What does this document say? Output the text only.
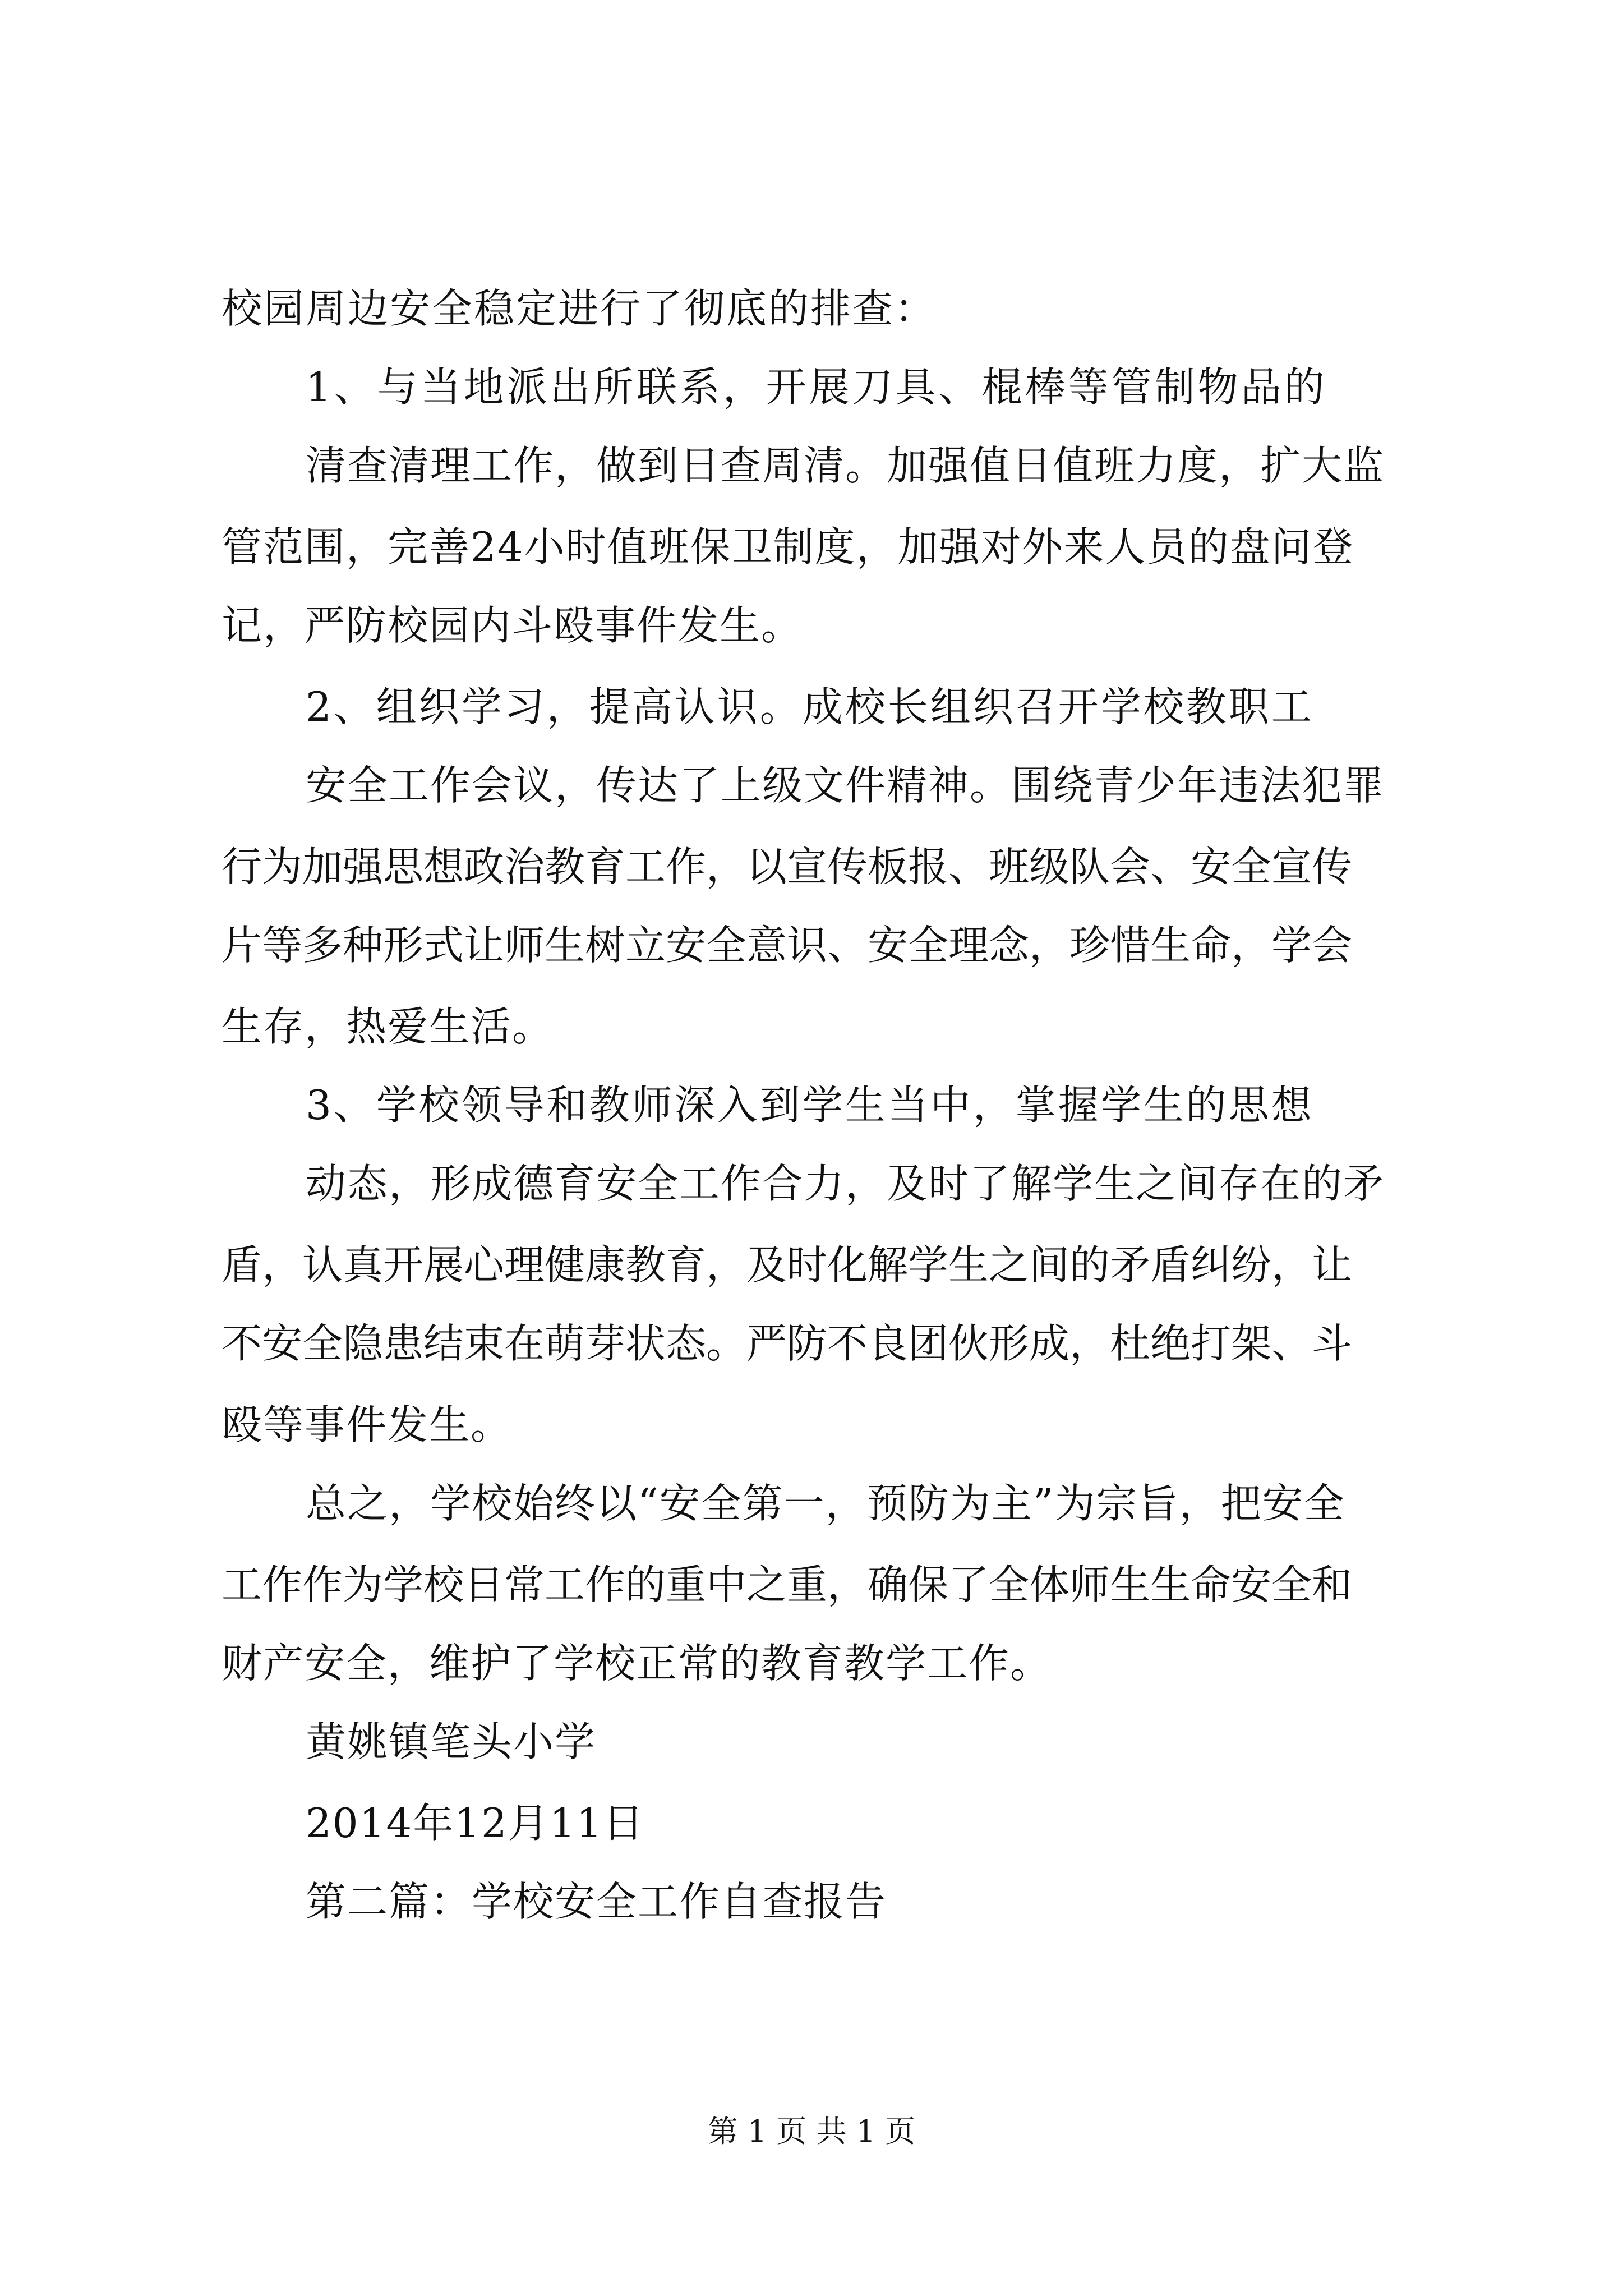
校园周边安全稳定进行了彻底的排查：
1、与当地派出所联系，开展刀具、棍棒等管制物品的
清查清理工作，做到日查周清。加强值日值班力度，扩大监
管范围，完善24小时值班保卫制度，加强对外来人员的盘问登
记，严防校园内斗殴事件发生。
2、组织学习，提高认识。成校长组织召开学校教职工
安全工作会议，传达了上级文件精神。围绕青少年违法犯罪
行为加强思想政治教育工作，以宣传板报、班级队会、安全宣传
片等多种形式让师生树立安全意识、安全理念，珍惜生命，学会
生存，热爱生活。
3、学校领导和教师深入到学生当中，掌握学生的思想
动态，形成德育安全工作合力，及时了解学生之间存在的矛
盾，认真开展心理健康教育，及时化解学生之间的矛盾纠纷，让
不安全隐患结束在萌芽状态。严防不良团伙形成，杜绝打架、斗
殴等事件发生。
总之，学校始终以“安全第一，预防为主”为宗旨，把安全
工作作为学校日常工作的重中之重，确保了全体师生生命安全和
财产安全，维护了学校正常的教育教学工作。
黄姚镇笔头小学
2014年12月11日
第二篇：学校安全工作自查报告
第 1 页 共 1 页
